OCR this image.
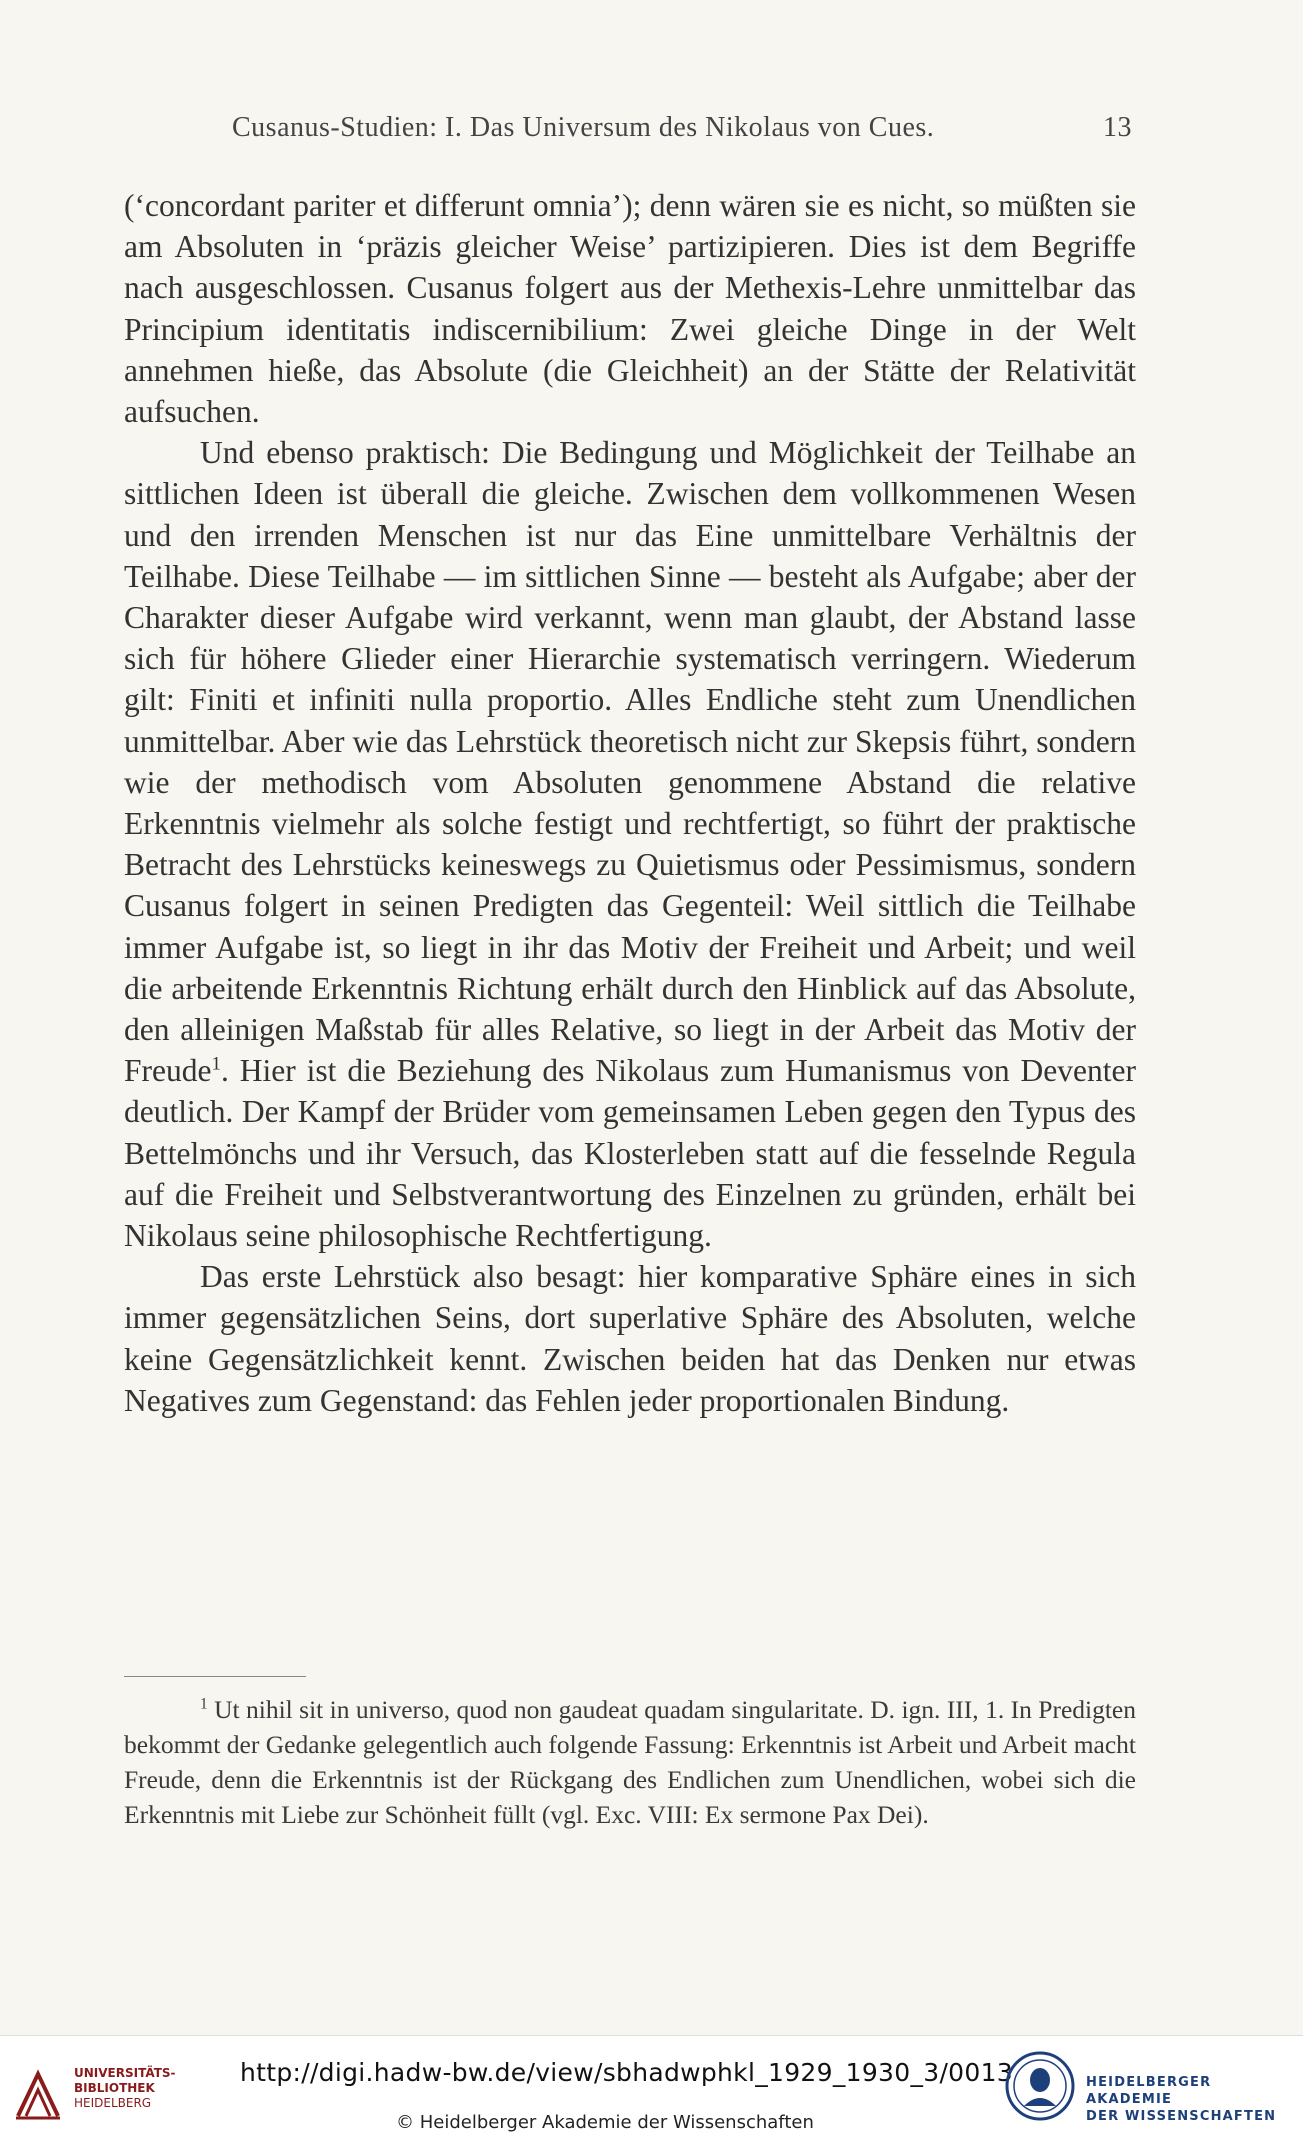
Cusanus-Studien: I. Das Universum des Nikolaus von Cues.	13

(‘concordant pariter et differunt omnia’); denn wären sie es nicht, so müßten sie am Absoluten in ‘präzis gleicher Weise’ partizipieren. Dies ist dem Begriffe nach ausgeschlossen. Cusanus folgert aus der Methexis-Lehre unmittelbar das Principium identitatis indiscernibilium: Zwei gleiche Dinge in der Welt annehmen hieße, das Absolute (die Gleichheit) an der Stätte der Relativität aufsuchen.

Und ebenso praktisch: Die Bedingung und Möglichkeit der Teilhabe an sittlichen Ideen ist überall die gleiche. Zwischen dem vollkommenen Wesen und den irrenden Menschen ist nur das Eine unmittelbare Verhältnis der Teilhabe. Diese Teilhabe — im sittlichen Sinne — besteht als Aufgabe; aber der Charakter dieser Aufgabe wird verkannt, wenn man glaubt, der Abstand lasse sich für höhere Glieder einer Hierarchie systematisch verringern. Wiederum gilt: Finiti et infiniti nulla proportio. Alles Endliche steht zum Unendlichen unmittelbar. Aber wie das Lehrstück theoretisch nicht zur Skepsis führt, sondern wie der methodisch vom Absoluten genommene Abstand die relative Erkenntnis vielmehr als solche festigt und rechtfertigt, so führt der praktische Betracht des Lehrstücks keineswegs zu Quietismus oder Pessimismus, sondern Cusanus folgert in seinen Predigten das Gegenteil: Weil sittlich die Teilhabe immer Aufgabe ist, so liegt in ihr das Motiv der Freiheit und Arbeit; und weil die arbeitende Erkenntnis Richtung erhält durch den Hinblick auf das Absolute, den alleinigen Maßstab für alles Relative, so liegt in der Arbeit das Motiv der Freude$^1$. Hier ist die Beziehung des Nikolaus zum Humanismus von Deventer deutlich. Der Kampf der Brüder vom gemeinsamen Leben gegen den Typus des Bettelmönchs und ihr Versuch, das Klosterleben statt auf die fesselnde Regula auf die Freiheit und Selbstverantwortung des Einzelnen zu gründen, erhält bei Nikolaus seine philosophische Rechtfertigung.

Das erste Lehrstück also besagt: hier komparative Sphäre eines in sich immer gegensätzlichen Seins, dort superlative Sphäre des Absoluten, welche keine Gegensätzlichkeit kennt. Zwischen beiden hat das Denken nur etwas Negatives zum Gegenstand: das Fehlen jeder proportionalen Bindung.

$^1$ Ut nihil sit in universo, quod non gaudeat quadam singularitate. D. ign. III, 1. In Predigten bekommt der Gedanke gelegentlich auch folgende Fassung: Erkenntnis ist Arbeit und Arbeit macht Freude, denn die Erkenntnis ist der Rückgang des Endlichen zum Unendlichen, wobei sich die Erkenntnis mit Liebe zur Schönheit füllt (vgl. Exc. VIII: Ex sermone Pax Dei).

UNIVERSITÄTS-
BIBLIOTHEK
HEIDELBERG
http://digi.hadw-bw.de/view/sbhadwphkl_1929_1930_3/0013
© Heidelberger Akademie der Wissenschaften
HEIDELBERGER AKADEMIE
DER WISSENSCHAFTEN
